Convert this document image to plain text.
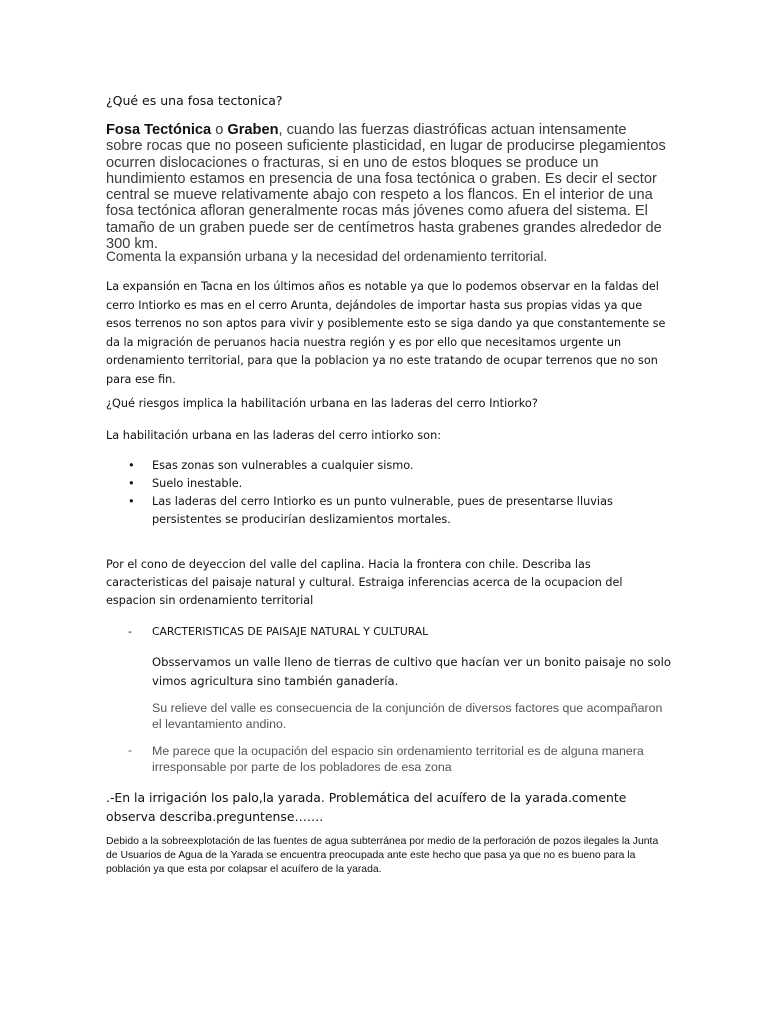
¿Qué es una fosa tectonica?

Fosa Tectónica o Graben, cuando las fuerzas diastróficas actuan intensamente sobre rocas que no poseen suficiente plasticidad, en lugar de producirse plegamientos ocurren dislocaciones o fracturas, si en uno de estos bloques se produce un hundimiento estamos en presencia de una fosa tectónica o graben. Es decir el sector central se mueve relativamente abajo con respeto a los flancos. En el interior de una fosa tectónica afloran generalmente rocas más jóvenes como afuera del sistema. El tamaño de un graben puede ser de centímetros hasta grabenes grandes alrededor de 300 km.

Comenta la expansión urbana y la necesidad del ordenamiento territorial.

La expansión en Tacna en los últimos años es notable ya que lo podemos observar en la faldas del cerro Intiorko es mas en el cerro Arunta, dejándoles de importar hasta sus propias vidas ya que esos terrenos no son aptos para vivir y posiblemente esto se siga dando ya que constantemente se da la migración de peruanos hacia nuestra región y es por ello que necesitamos urgente un ordenamiento territorial, para que la poblacion ya no este tratando de ocupar terrenos que no son para ese fin.

¿Qué riesgos implica la habilitación urbana en las laderas del cerro Intiorko?
La habilitación urbana en las laderas del cerro intiorko son:
• Esas zonas son vulnerables a cualquier sismo.
• Suelo inestable.
• Las laderas del cerro Intiorko es un punto vulnerable, pues de presentarse lluvias persistentes se producirían deslizamientos mortales.

Por el cono de deyeccion del valle del caplina. Hacia la frontera con chile. Describa las caracteristicas del paisaje natural y cultural. Estraiga inferencias acerca de la ocupacion del espacion sin ordenamiento territorial

- CARCTERISTICAS DE PAISAJE NATURAL Y CULTURAL

Obsservamos un valle lleno de tierras de cultivo que hacían ver un bonito paisaje no solo vimos agricultura sino también ganadería.

Su relieve del valle es consecuencia de la conjunción de diversos factores que acompañaron el levantamiento andino.

- Me parece que la ocupación del espacio sin ordenamiento territorial es de alguna manera irresponsable por parte de los pobladores de esa zona

.-En la irrigación los palo,la yarada. Problemática del acuífero de la yarada.comente observa describa.preguntense…….

Debido a la sobreexplotación de las fuentes de agua subterránea por medio de la perforación de pozos ilegales la Junta de Usuarios de Agua de la Yarada se encuentra preocupada ante este hecho que pasa ya que no es bueno para la población ya que esta por colapsar el acuífero de la yarada.
